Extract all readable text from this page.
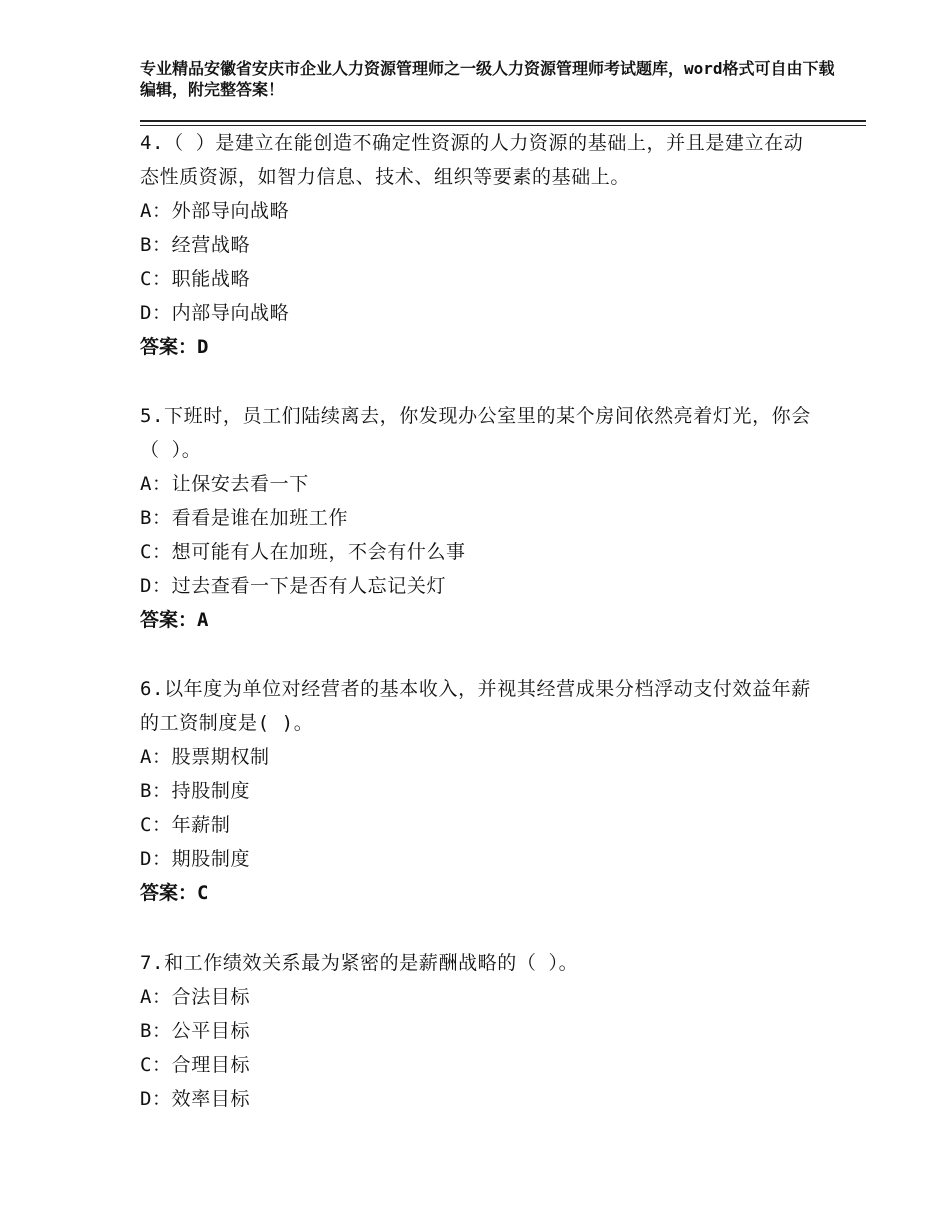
专业精品安徽省安庆市企业人力资源管理师之一级人力资源管理师考试题库，word格式可自由下载编辑，附完整答案！
4.（ ）是建立在能创造不确定性资源的人力资源的基础上，并且是建立在动态性质资源，如智力信息、技术、组织等要素的基础上。
A：外部导向战略
B：经营战略
C：职能战略
D：内部导向战略
答案：D
5.下班时，员工们陆续离去，你发现办公室里的某个房间依然亮着灯光，你会（ ）。
A：让保安去看一下
B：看看是谁在加班工作
C：想可能有人在加班，不会有什么事
D：过去查看一下是否有人忘记关灯
答案：A
6.以年度为单位对经营者的基本收入，并视其经营成果分档浮动支付效益年薪的工资制度是( )。
A：股票期权制
B：持股制度
C：年薪制
D：期股制度
答案：C
7.和工作绩效关系最为紧密的是薪酬战略的（ ）。
A：合法目标
B：公平目标
C：合理目标
D：效率目标
